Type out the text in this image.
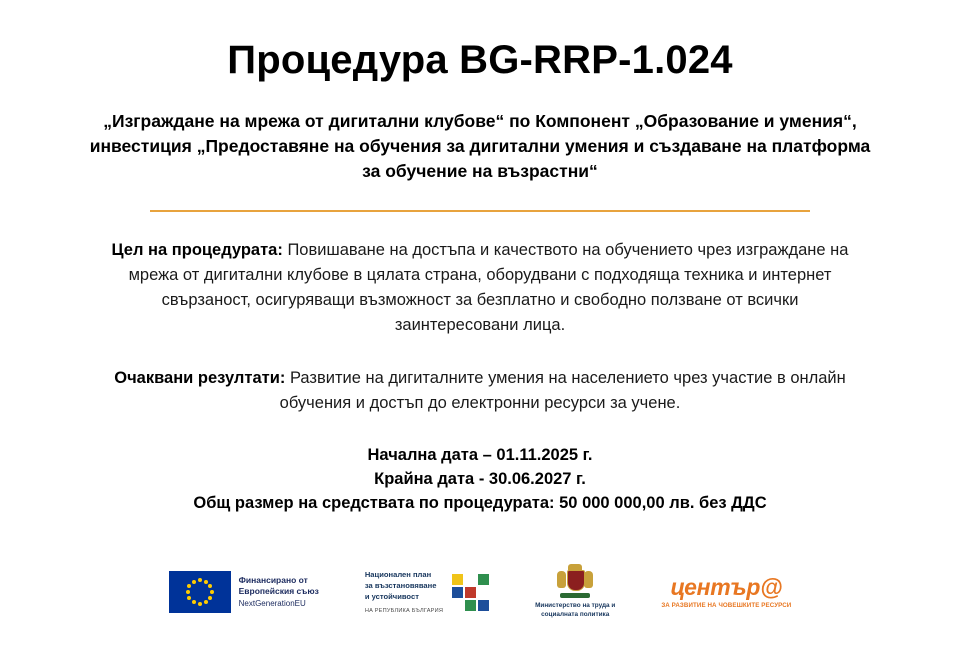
Процедура BG-RRP-1.024
„Изграждане на мрежа от дигитални клубове“ по Компонент „Образование и умения“, инвестиция „Предоставяне на обучения за дигитални умения и създаване на платформа за обучение на възрастни“
Цел на процедурата: Повишаване на достъпа и качеството на обучението чрез изграждане на мрежа от дигитални клубове в цялата страна, оборудвани с подходяща техника и интернет свързаност, осигуряващи възможност за безплатно и свободно ползване от всички заинтересовани лица.
Очаквани резултати: Развитие на дигиталните умения на населението чрез участие в онлайн обучения и достъп до електронни ресурси за учене.
Начална дата – 01.11.2025 г.
Крайна дата - 30.06.2027 г.
Общ размер на средствата по процедурата: 50 000 000,00 лв. без ДДС
Финансирано от
Европейския съюз
NextGenerationEU
Национален план
за възстановяване
и устойчивост
НА РЕПУБЛИКА БЪЛГАРИЯ
Министерство на труда и
социалната политика
център@
ЗА РАЗВИТИЕ НА ЧОВЕШКИТЕ РЕСУРСИ
